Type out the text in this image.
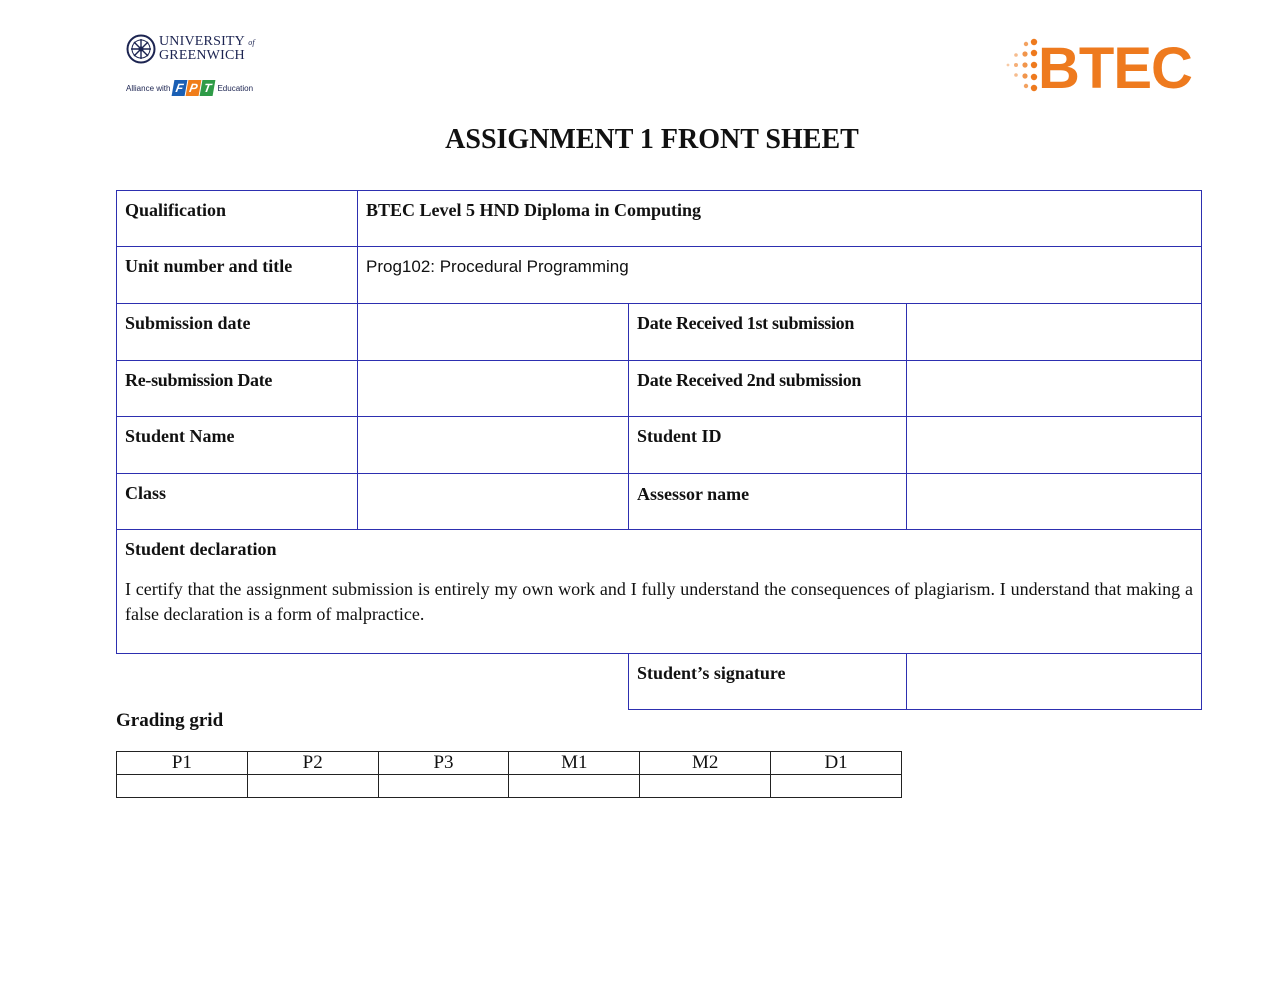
UNIVERSITY of
GREENWICH
Alliance with F P T Education	BTEC
ASSIGNMENT 1 FRONT SHEET
Qualification	BTEC Level 5 HND Diploma in Computing
Unit number and title	Prog102: Procedural Programming
Submission date	Date Received 1st submission
Re-submission Date	Date Received 2nd submission
Student Name	Student ID
Class	Assessor name
Student declaration
I certify that the assignment submission is entirely my own work and I fully understand the consequences of plagiarism. I understand that making a false declaration is a form of malpractice.
Student’s signature
Grading grid
P1	P2	P3	M1	M2	D1
